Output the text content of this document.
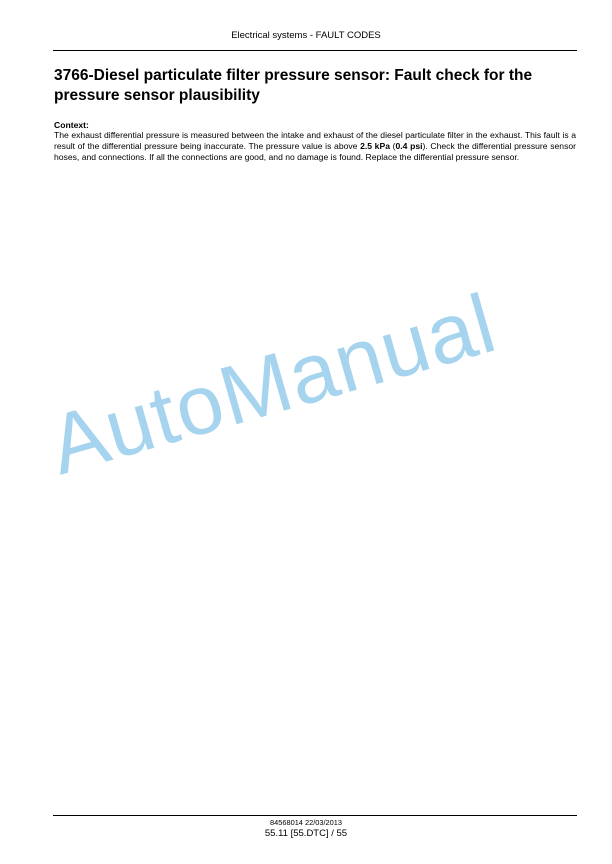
Electrical systems - FAULT CODES
3766-Diesel particulate filter pressure sensor: Fault check for the pressure sensor plausibility
Context:

The exhaust differential pressure is measured between the intake and exhaust of the diesel particulate filter in the exhaust. This fault is a result of the differential pressure being inaccurate. The pressure value is above 2.5 kPa (0.4 psi). Check the differential pressure sensor hoses, and connections. If all the connections are good, and no damage is found. Replace the differential pressure sensor.

AutoManual
84568014 22/03/2013
55.11 [55.DTC] / 55
